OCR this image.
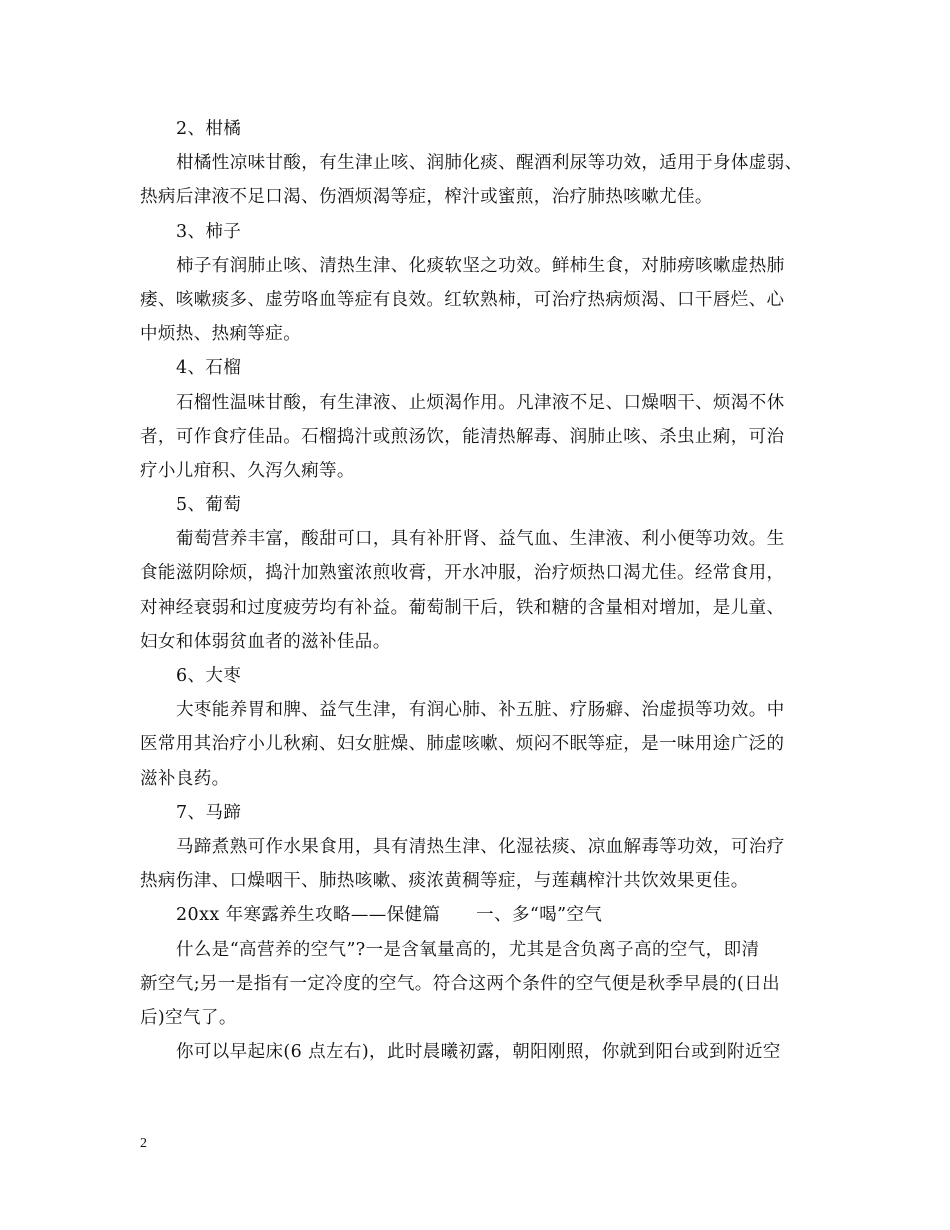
2、柑橘
柑橘性凉味甘酸，有生津止咳、润肺化痰、醒酒利尿等功效，适用于身体虚弱、
热病后津液不足口渴、伤酒烦渴等症，榨汁或蜜煎，治疗肺热咳嗽尤佳。
3、柿子
柿子有润肺止咳、清热生津、化痰软坚之功效。鲜柿生食，对肺痨咳嗽虚热肺
痿、咳嗽痰多、虚劳咯血等症有良效。红软熟柿，可治疗热病烦渴、口干唇烂、心
中烦热、热痢等症。
4、石榴
石榴性温味甘酸，有生津液、止烦渴作用。凡津液不足、口燥咽干、烦渴不休
者，可作食疗佳品。石榴捣汁或煎汤饮，能清热解毒、润肺止咳、杀虫止痢，可治
疗小儿疳积、久泻久痢等。
5、葡萄
葡萄营养丰富，酸甜可口，具有补肝肾、益气血、生津液、利小便等功效。生
食能滋阴除烦，捣汁加熟蜜浓煎收膏，开水冲服，治疗烦热口渴尤佳。经常食用，
对神经衰弱和过度疲劳均有补益。葡萄制干后，铁和糖的含量相对增加，是儿童、
妇女和体弱贫血者的滋补佳品。
6、大枣
大枣能养胃和脾、益气生津，有润心肺、补五脏、疗肠癖、治虚损等功效。中
医常用其治疗小儿秋痢、妇女脏燥、肺虚咳嗽、烦闷不眠等症，是一味用途广泛的
滋补良药。
7、马蹄
马蹄煮熟可作水果食用，具有清热生津、化湿祛痰、凉血解毒等功效，可治疗
热病伤津、口燥咽干、肺热咳嗽、痰浓黄稠等症，与莲藕榨汁共饮效果更佳。
20xx 年寒露养生攻略——保健篇　　一、多“喝”空气
什么是“高营养的空气”?一是含氧量高的，尤其是含负离子高的空气，即清
新空气;另一是指有一定冷度的空气。符合这两个条件的空气便是秋季早晨的(日出
后)空气了。
你可以早起床(6 点左右)，此时晨曦初露，朝阳刚照，你就到阳台或到附近空
2
